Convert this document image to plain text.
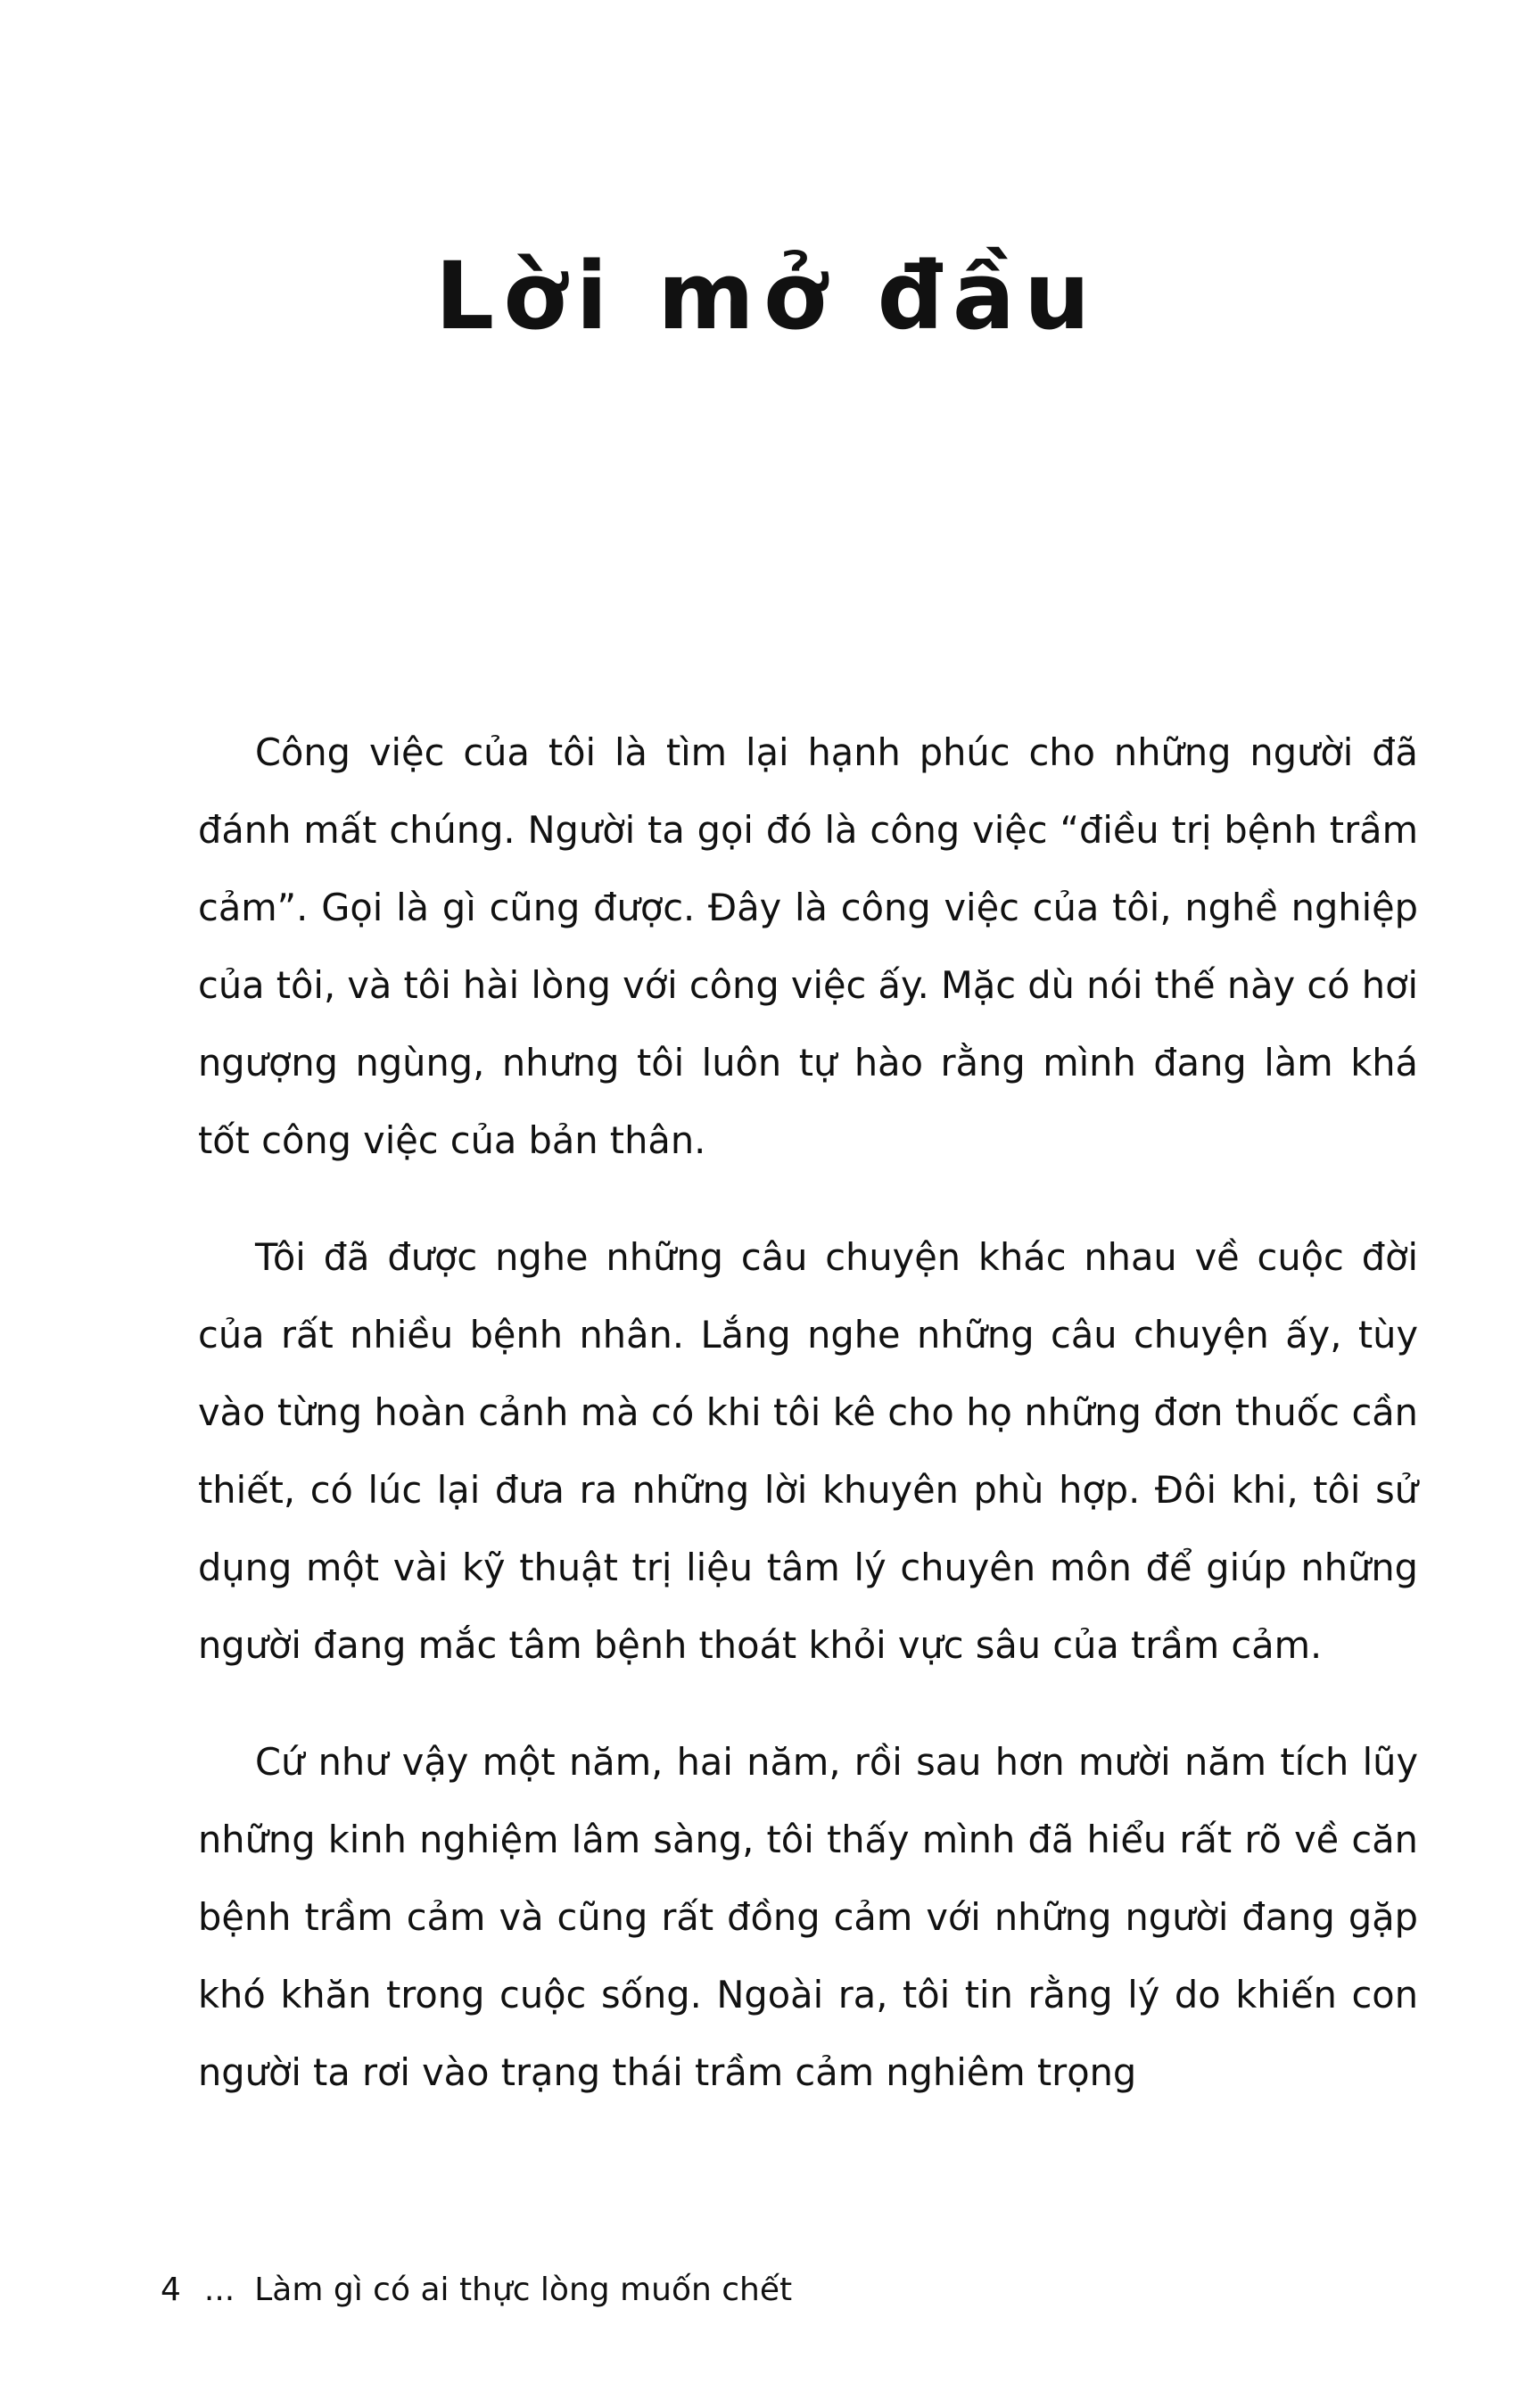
Lời mở đầu

Công việc của tôi là tìm lại hạnh phúc cho những người đã đánh mất chúng. Người ta gọi đó là công việc “điều trị bệnh trầm cảm”. Gọi là gì cũng được. Đây là công việc của tôi, nghề nghiệp của tôi, và tôi hài lòng với công việc ấy. Mặc dù nói thế này có hơi ngượng ngùng, nhưng tôi luôn tự hào rằng mình đang làm khá tốt công việc của bản thân.

Tôi đã được nghe những câu chuyện khác nhau về cuộc đời của rất nhiều bệnh nhân. Lắng nghe những câu chuyện ấy, tùy vào từng hoàn cảnh mà có khi tôi kê cho họ những đơn thuốc cần thiết, có lúc lại đưa ra những lời khuyên phù hợp. Đôi khi, tôi sử dụng một vài kỹ thuật trị liệu tâm lý chuyên môn để giúp những người đang mắc tâm bệnh thoát khỏi vực sâu của trầm cảm.

Cứ như vậy một năm, hai năm, rồi sau hơn mười năm tích lũy những kinh nghiệm lâm sàng, tôi thấy mình đã hiểu rất rõ về căn bệnh trầm cảm và cũng rất đồng cảm với những người đang gặp khó khăn trong cuộc sống. Ngoài ra, tôi tin rằng lý do khiến con người ta rơi vào trạng thái trầm cảm nghiêm trọng

4 ... Làm gì có ai thực lòng muốn chết
